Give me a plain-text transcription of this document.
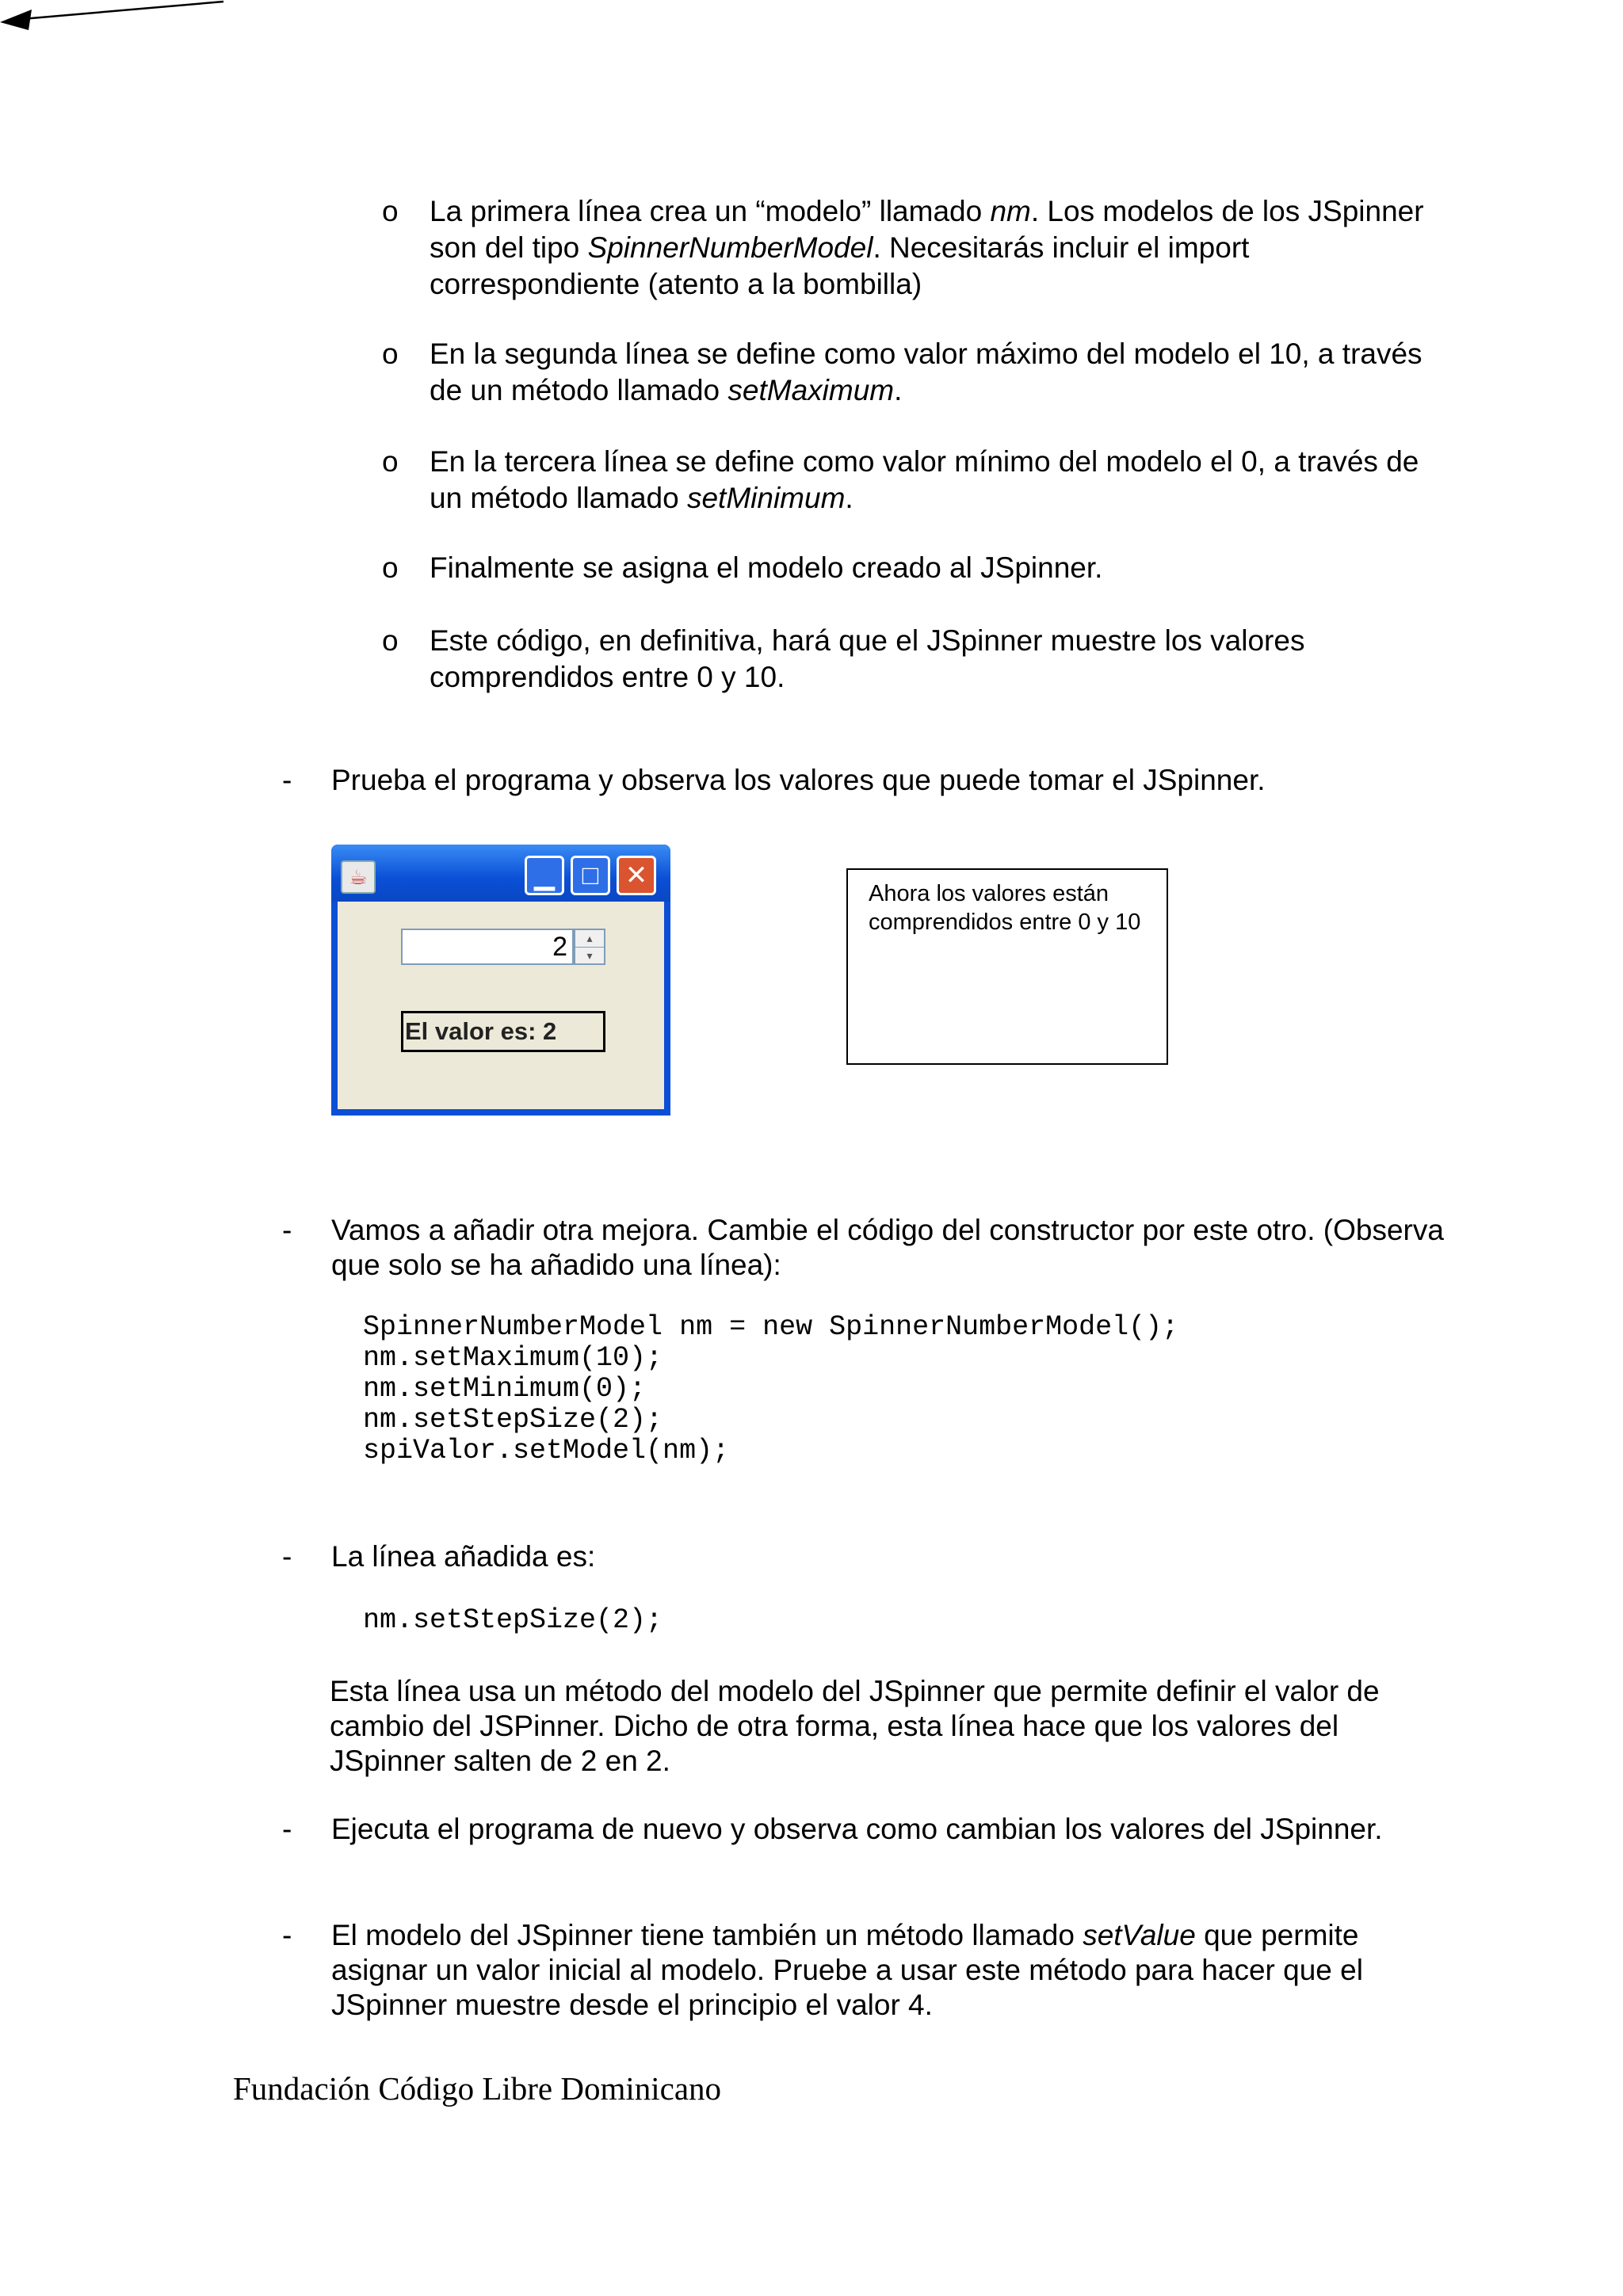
o La primera línea crea un “modelo” llamado nm. Los modelos de los JSpinner
son del tipo SpinnerNumberModel. Necesitarás incluir el import
correspondiente (atento a la bombilla)
o En la segunda línea se define como valor máximo del modelo el 10, a través
de un método llamado setMaximum.
o En la tercera línea se define como valor mínimo del modelo el 0, a través de
un método llamado setMinimum.
o Finalmente se asigna el modelo creado al JSpinner.
o Este código, en definitiva, hará que el JSpinner muestre los valores
comprendidos entre 0 y 10.
- Prueba el programa y observa los valores que puede tomar el JSpinner.
☕	▁	□ ✕
2	▴
▾
El valor es: 2
Ahora los valores están comprendidos entre 0 y 10
- Vamos a añadir otra mejora. Cambie el código del constructor por este otro. (Observa
que solo se ha añadido una línea):
SpinnerNumberModel nm = new SpinnerNumberModel();
nm.setMaximum(10);
nm.setMinimum(0);
nm.setStepSize(2);
spiValor.setModel(nm);
- La línea añadida es:
nm.setStepSize(2);
Esta línea usa un método del modelo del JSpinner que permite definir el valor de
cambio del JSPinner. Dicho de otra forma, esta línea hace que los valores del
JSpinner salten de 2 en 2.
- Ejecuta el programa de nuevo y observa como cambian los valores del JSpinner.
- El modelo del JSpinner tiene también un método llamado setValue que permite
asignar un valor inicial al modelo. Pruebe a usar este método para hacer que el
JSpinner muestre desde el principio el valor 4.
Fundación Código Libre Dominicano
